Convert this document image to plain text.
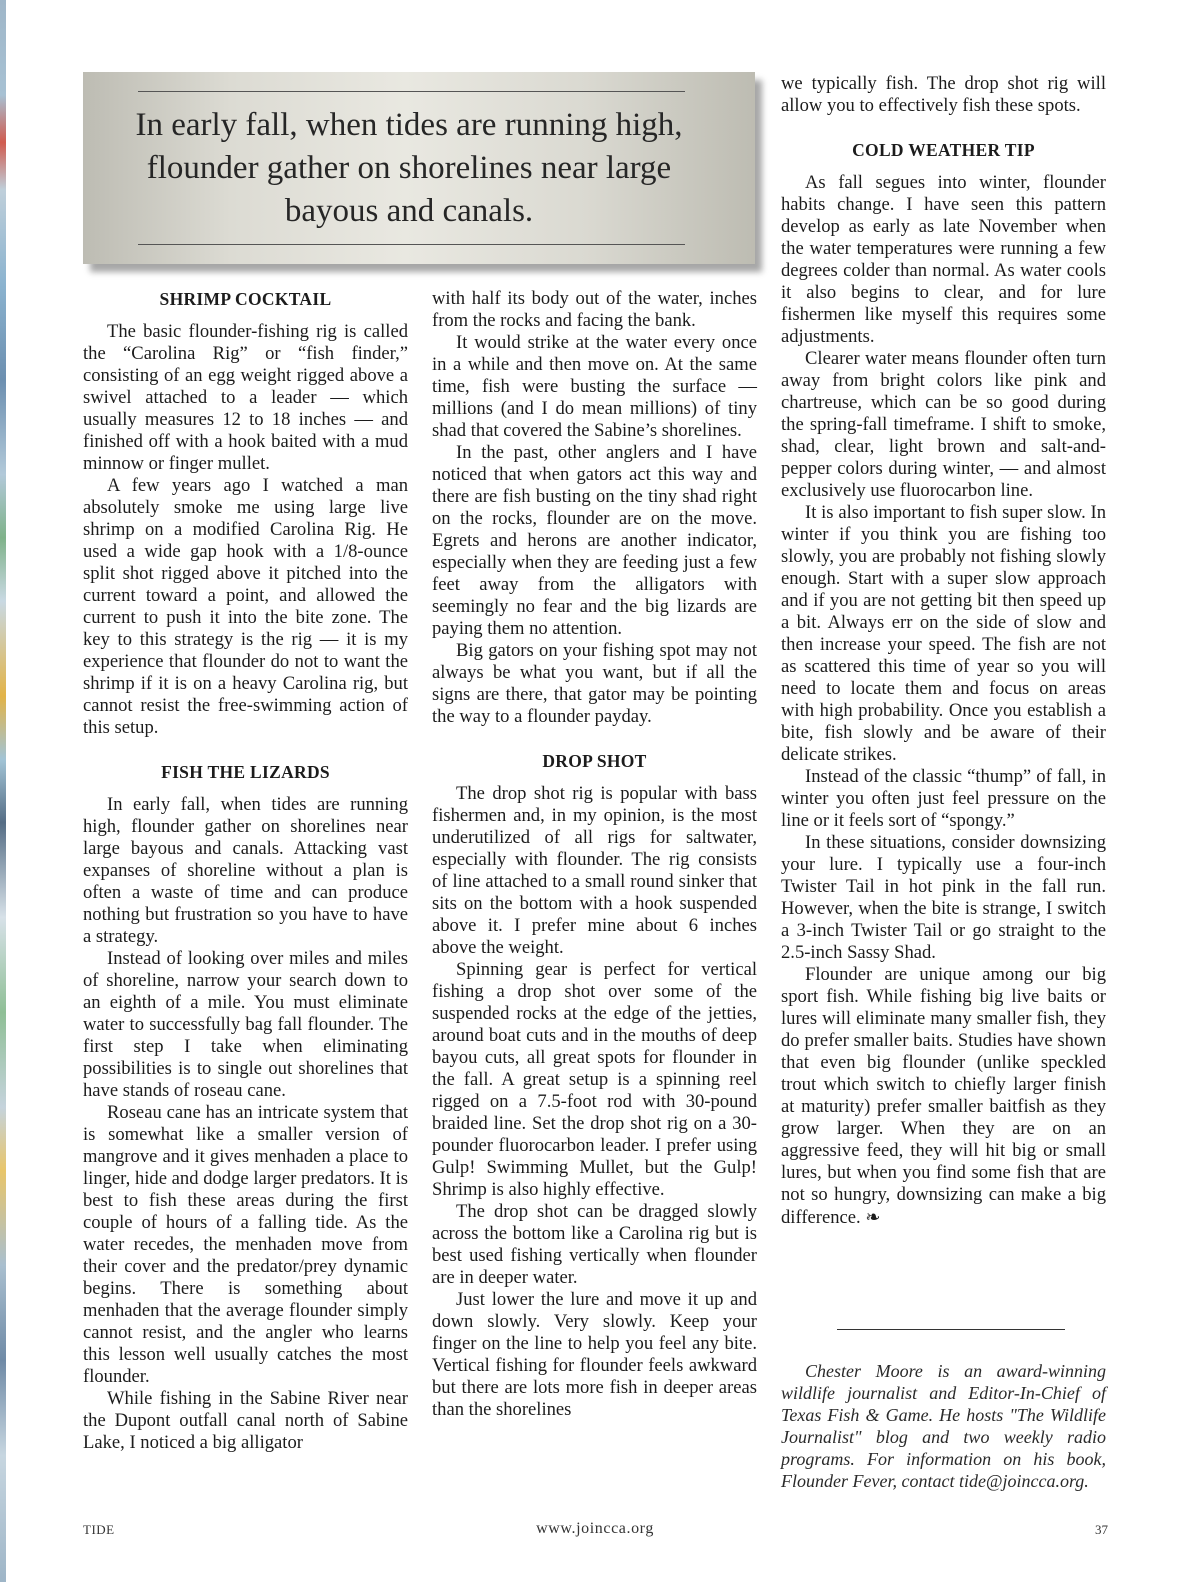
In early fall, when tides are running high, flounder gather on shorelines near large bayous and canals.
SHRIMP COCKTAIL

The basic flounder-fishing rig is called the “Carolina Rig” or “fish finder,” consisting of an egg weight rigged above a swivel attached to a leader — which usually measures 12 to 18 inches — and finished off with a hook baited with a mud minnow or finger mullet.

A few years ago I watched a man absolutely smoke me using large live shrimp on a modified Carolina Rig. He used a wide gap hook with a 1/8-ounce split shot rigged above it pitched into the current toward a point, and allowed the current to push it into the bite zone. The key to this strategy is the rig — it is my experience that flounder do not to want the shrimp if it is on a heavy Carolina rig, but cannot resist the free-swimming action of this setup.

FISH THE LIZARDS

In early fall, when tides are running high, flounder gather on shorelines near large bayous and canals. Attacking vast expanses of shoreline without a plan is often a waste of time and can produce nothing but frustration so you have to have a strategy.

Instead of looking over miles and miles of shoreline, narrow your search down to an eighth of a mile. You must eliminate water to successfully bag fall flounder. The first step I take when eliminating possibilities is to single out shorelines that have stands of roseau cane.

Roseau cane has an intricate system that is somewhat like a smaller version of mangrove and it gives menhaden a place to linger, hide and dodge larger predators. It is best to fish these areas during the first couple of hours of a falling tide. As the water recedes, the menhaden move from their cover and the predator/prey dynamic begins. There is something about menhaden that the average flounder simply cannot resist, and the angler who learns this lesson well usually catches the most flounder.

While fishing in the Sabine River near the Dupont outfall canal north of Sabine Lake, I noticed a big alligator

with half its body out of the water, inches from the rocks and facing the bank.

It would strike at the water every once in a while and then move on. At the same time, fish were busting the surface — millions (and I do mean millions) of tiny shad that covered the Sabine’s shorelines.

In the past, other anglers and I have noticed that when gators act this way and there are fish busting on the tiny shad right on the rocks, flounder are on the move. Egrets and herons are another indicator, especially when they are feeding just a few feet away from the alligators with seemingly no fear and the big lizards are paying them no attention.

Big gators on your fishing spot may not always be what you want, but if all the signs are there, that gator may be pointing the way to a flounder payday.

DROP SHOT

The drop shot rig is popular with bass fishermen and, in my opinion, is the most underutilized of all rigs for saltwater, especially with flounder. The rig consists of line attached to a small round sinker that sits on the bottom with a hook suspended above it. I prefer mine about 6 inches above the weight.

Spinning gear is perfect for vertical fishing a drop shot over some of the suspended rocks at the edge of the jetties, around boat cuts and in the mouths of deep bayou cuts, all great spots for flounder in the fall. A great setup is a spinning reel rigged on a 7.5-foot rod with 30-pound braided line. Set the drop shot rig on a 30-pounder fluorocarbon leader. I prefer using Gulp! Swimming Mullet, but the Gulp! Shrimp is also highly effective.

The drop shot can be dragged slowly across the bottom like a Carolina rig but is best used fishing vertically when flounder are in deeper water.

Just lower the lure and move it up and down slowly. Very slowly. Keep your finger on the line to help you feel any bite. Vertical fishing for flounder feels awkward but there are lots more fish in deeper areas than the shorelines

we typically fish. The drop shot rig will allow you to effectively fish these spots.

COLD WEATHER TIP

As fall segues into winter, flounder habits change. I have seen this pattern develop as early as late November when the water temperatures were running a few degrees colder than normal. As water cools it also begins to clear, and for lure fishermen like myself this requires some adjustments.

Clearer water means flounder often turn away from bright colors like pink and chartreuse, which can be so good during the spring-fall timeframe. I shift to smoke, shad, clear, light brown and salt-and-pepper colors during winter, — and almost exclusively use fluorocarbon line.

It is also important to fish super slow. In winter if you think you are fishing too slowly, you are probably not fishing slowly enough. Start with a super slow approach and if you are not getting bit then speed up a bit. Always err on the side of slow and then increase your speed. The fish are not as scattered this time of year so you will need to locate them and focus on areas with high probability. Once you establish a bite, fish slowly and be aware of their delicate strikes.

Instead of the classic “thump” of fall, in winter you often just feel pressure on the line or it feels sort of “spongy.”

In these situations, consider downsizing your lure. I typically use a four-inch Twister Tail in hot pink in the fall run. However, when the bite is strange, I switch a 3-inch Twister Tail or go straight to the 2.5-inch Sassy Shad.

Flounder are unique among our big sport fish. While fishing big live baits or lures will eliminate many smaller fish, they do prefer smaller baits. Studies have shown that even big flounder (unlike speckled trout which switch to chiefly larger finish at maturity) prefer smaller baitfish as they grow larger. When they are on an aggressive feed, they will hit big or small lures, but when you find some fish that are not so hungry, downsizing can make a big difference. ❧

Chester Moore is an award-winning wildlife journalist and Editor-In-Chief of Texas Fish & Game. He hosts "The Wildlife Journalist" blog and two weekly radio programs. For information on his book, Flounder Fever, contact tide@joincca.org.

TIDE	www.joincca.org	37
